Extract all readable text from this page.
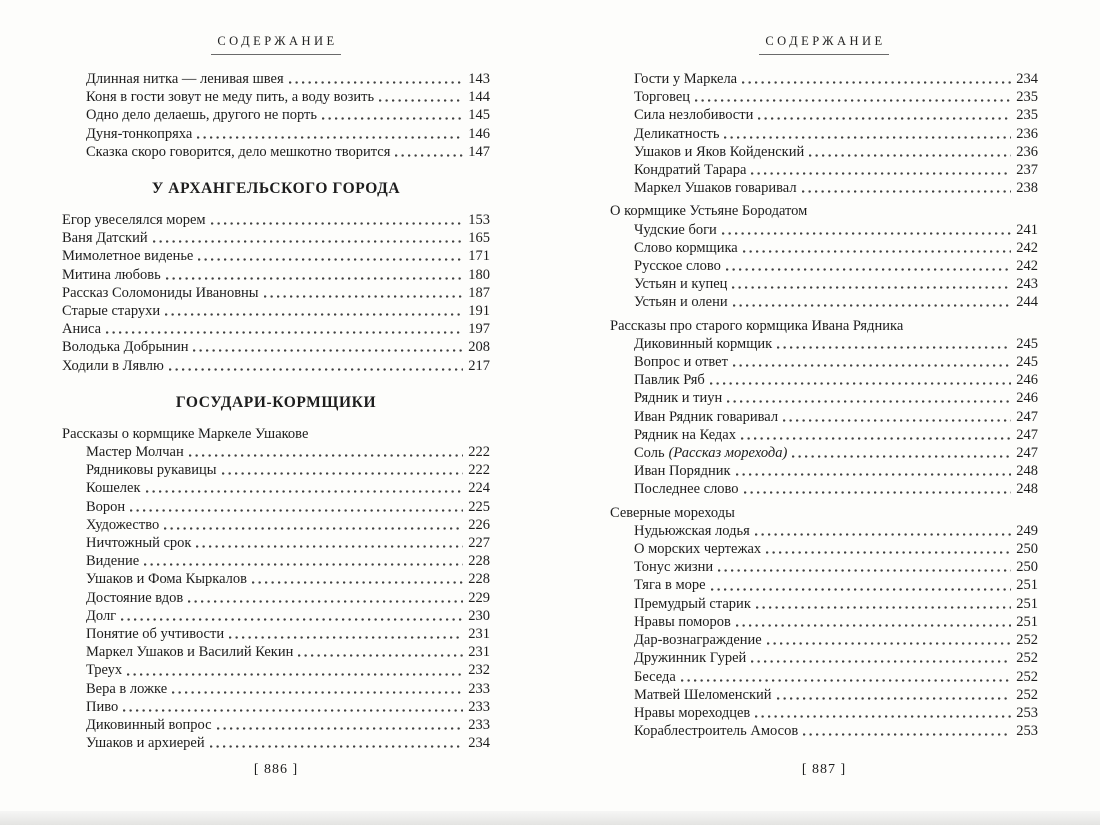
СОДЕРЖАНИЕ
Длинная нитка — ленивая швея	143
Коня в гости зовут не меду пить, а воду возить	144
Одно дело делаешь, другого не порть	145
Дуня-тонкопряха	146
Сказка скоро говорится, дело мешкотно творится	147
У АРХАНГЕЛЬСКОГО ГОРОДА
Егор увеселялся морем	153
Ваня Датский	165
Мимолетное виденье	171
Митина любовь	180
Рассказ Соломониды Ивановны	187
Старые старухи	191
Аниса	197
Володька Добрынин	208
Ходили в Лявлю	217
ГОСУДАРИ-КОРМЩИКИ
Рассказы о кормщике Маркеле Ушакове
Мастер Молчан	222
Рядниковы рукавицы	222
Кошелек	224
Ворон	225
Художество	226
Ничтожный срок	227
Видение	228
Ушаков и Фома Кыркалов	228
Достояние вдов	229
Долг	230
Понятие об учтивости	231
Маркел Ушаков и Василий Кекин	231
Треух	232
Вера в ложке	233
Пиво	233
Диковинный вопрос	233
Ушаков и архиерей	234
[ 886 ]
СОДЕРЖАНИЕ
Гости у Маркела	234
Торговец	235
Сила незлобивости	235
Деликатность	236
Ушаков и Яков Койденский	236
Кондратий Тарара	237
Маркел Ушаков говаривал	238
О кормщике Устьяне Бородатом
Чудские боги	241
Слово кормщика	242
Русское слово	242
Устьян и купец	243
Устьян и олени	244
Рассказы про старого кормщика Ивана Рядника
Диковинный кормщик	245
Вопрос и ответ	245
Павлик Ряб	246
Рядник и тиун	246
Иван Рядник говаривал	247
Рядник на Кедах	247
Соль (Рассказ морехода)	247
Иван Порядник	248
Последнее слово	248
Северные мореходы
Нудьюжская лодья	249
О морских чертежах	250
Тонус жизни	250
Тяга в море	251
Премудрый старик	251
Нравы поморов	251
Дар-вознаграждение	252
Дружинник Гурей	252
Беседа	252
Матвей Шеломенский	252
Нравы мореходцев	253
Кораблестроитель Амосов	253
[ 887 ]
